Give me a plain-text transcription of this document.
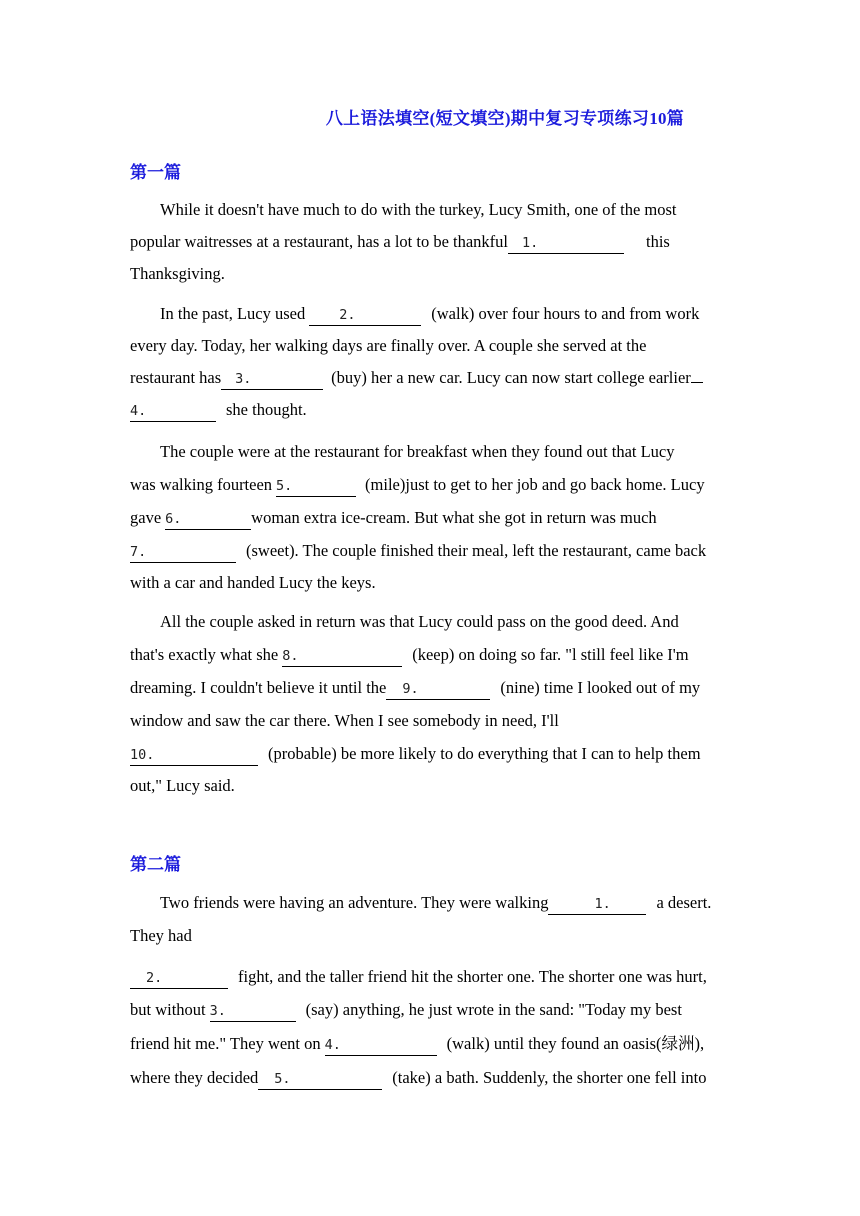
八上语法填空(短文填空)期中复习专项练习10篇
第一篇
While it doesn't have much to do with the turkey, Lucy Smith, one of the most
popular waitresses at a restaurant, has a lot to be thankful 1.	this
Thanksgiving.
In the past, Lucy used	2.	(walk) over four hours to and from work
every day. Today, her walking days are finally over. A couple she served at the
restaurant has 3.	(buy) her a new car. Lucy can now start college earlier
4.	she thought.
The couple were at the restaurant for breakfast when they found out that Lucy
was walking fourteen 5.	(mile)just to get to her job and go back home. Lucy
gave 6.	woman extra ice-cream. But what she got in return was much
7.	(sweet). The couple finished their meal, left the restaurant, came back
with a car and handed Lucy the keys.
All the couple asked in return was that Lucy could pass on the good deed. And
that's exactly what she 8.	(keep) on doing so far. "l still feel like I'm
dreaming. I couldn't believe it until the 9.	(nine) time I looked out of my
window and saw the car there. When I see somebody in need, I'll
10.	(probable) be more likely to do everything that I can to help them
out," Lucy said.
第二篇
Two friends were having an adventure. They were walking	1.	a desert.
They had
2.	fight, and the taller friend hit the shorter one. The shorter one was hurt,
but without 3.	(say) anything, he just wrote in the sand: "Today my best
friend hit me." They went on 4.	(walk) until they found an oasis(绿洲),
where they decided 5.	(take) a bath. Suddenly, the shorter one fell into
